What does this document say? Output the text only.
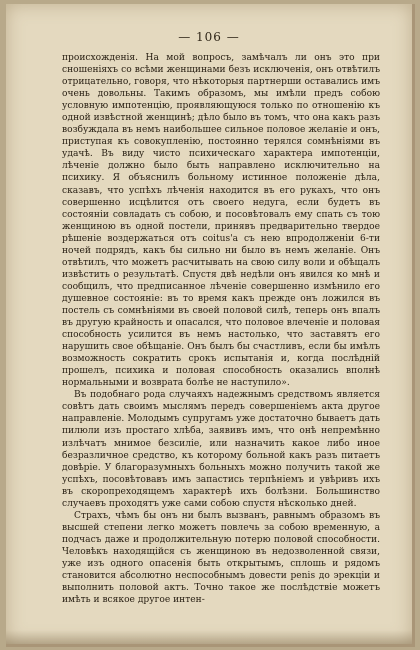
— 106 —

происхожденія. На мой вопросъ, замѣчалъ ли онъ это при сношеніяхъ со всѣми женщинами безъ исключенія, онъ отвѣтилъ отрицательно, говоря, что нѣкоторыя партнерши оставались имъ очень довольны. Такимъ образомъ, мы имѣли предъ собою условную импотенцію, проявляющуюся только по отношенію къ одной извѣстной женщинѣ; дѣло было въ томъ, что она какъ разъ возбуждала въ немъ наибольшее сильное половое желаніе и онъ, приступая къ совокупленію, постоянно терялся сомнѣніями въ удачѣ. Въ виду чисто психическаго характера импотенціи, лѣченіе должно было быть направлено исключительно на психику. Я объяснилъ больному истинное положеніе дѣла, сказавъ, что успѣхъ лѣченія находится въ его рукахъ, что онъ совершенно исцѣлится отъ своего недуга, если будетъ въ состояніи совладать съ собою, и посовѣтовалъ ему спать съ тою женщиною въ одной постели, принявъ предварительно твердое рѣшеніе воздержаться отъ coitus'а съ нею впродолженіи 6-ти ночей подрядъ, какъ бы сильно ни было въ немъ желаніе. Онъ отвѣтилъ, что можетъ расчитывать на свою силу воли и обѣщалъ извѣстить о результатѣ. Спустя двѣ недѣли онъ явился ко мнѣ и сообщилъ, что предписанное лѣченіе совершенно измѣнило его душевное состояніе: въ то время какъ прежде онъ ложился въ постель съ сомнѣніями въ своей половой силѣ, теперь онъ впалъ въ другую крайность и опасался, что половое влеченіе и половая способность усилится въ немъ настолько, что заставятъ его нарушить свое обѣщаніе. Онъ былъ бы счастливъ, если бы имѣлъ возможность сократить срокъ испытанія и, когда послѣдній прошелъ, психика и половая способность оказались вполнѣ нормальными и возврата болѣе не наступило».

Въ подобнаго рода случаяхъ надежнымъ средствомъ является совѣтъ дать своимъ мыслямъ передъ совершеніемъ акта другое направленіе. Молодымъ супругамъ уже достаточно бываетъ дать пилюли изъ простаго хлѣба, заявивъ имъ, что онѣ непремѣнно излѣчатъ мнимое безсиліе, или назначить какое либо иное безразличное средство, къ которому больной какъ разъ питаетъ довѣріе. У благоразумныхъ больныхъ можно получить такой же успѣхъ, посовѣтовавъ имъ запастись терпѣніемъ и увѣривъ ихъ въ скоропреходящемъ характерѣ ихъ болѣзни. Большинство случаевъ проходятъ уже сами собою спустя нѣсколько дней.

Страхъ, чѣмъ бы онъ ни былъ вызванъ, равнымъ образомъ въ высшей степени легко можетъ повлечь за собою временную, а подчасъ даже и продолжительную потерю половой способности. Человѣкъ находящійся съ женщиною въ недозволенной связи, уже изъ одного опасенія быть открытымъ, сплошь и рядомъ становится абсолютно неспособнымъ довести penis до эрекціи и выполнить половой актъ. Точно такое же послѣдствіе можетъ имѣть и всякое другое интен-
